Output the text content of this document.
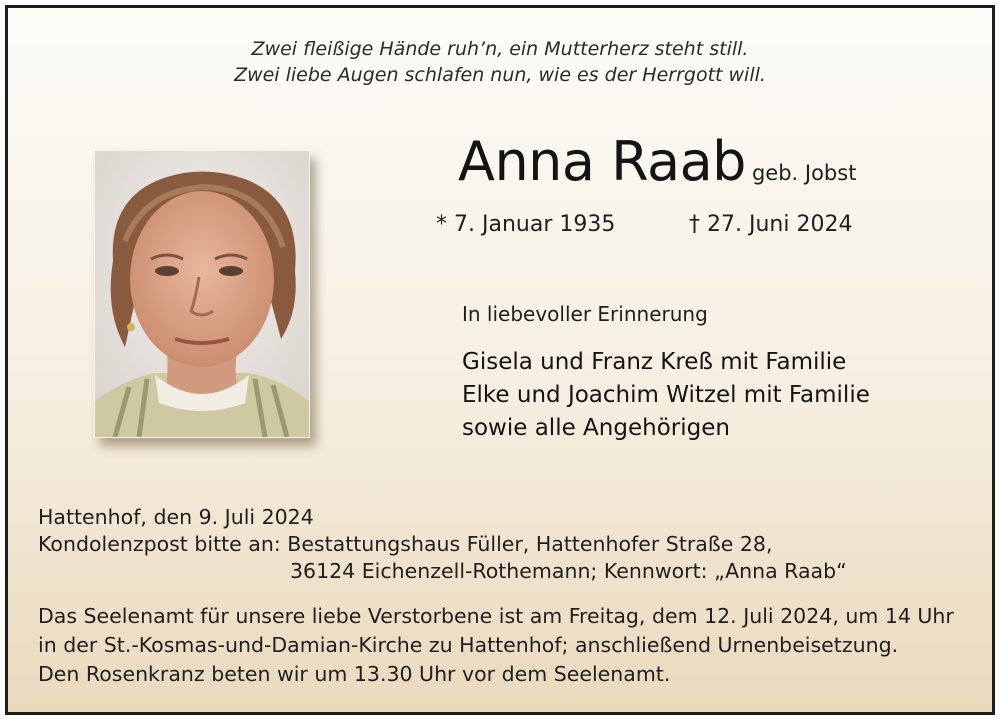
Zwei fleißige Hände ruh’n, ein Mutterherz steht still.
Zwei liebe Augen schlafen nun, wie es der Herrgott will.
Anna Raab geb. Jobst
* 7. Januar 1935	† 27. Juni 2024
In liebevoller Erinnerung
Gisela und Franz Kreß mit Familie
Elke und Joachim Witzel mit Familie
sowie alle Angehörigen
Hattenhof, den 9. Juli 2024
Kondolenzpost bitte an: Bestattungshaus Füller, Hattenhofer Straße 28,
36124 Eichenzell-Rothemann; Kennwort: „Anna Raab“
Das Seelenamt für unsere liebe Verstorbene ist am Freitag, dem 12. Juli 2024, um 14 Uhr
in der St.-Kosmas-und-Damian-Kirche zu Hattenhof; anschließend Urnenbeisetzung.
Den Rosenkranz beten wir um 13.30 Uhr vor dem Seelenamt.
